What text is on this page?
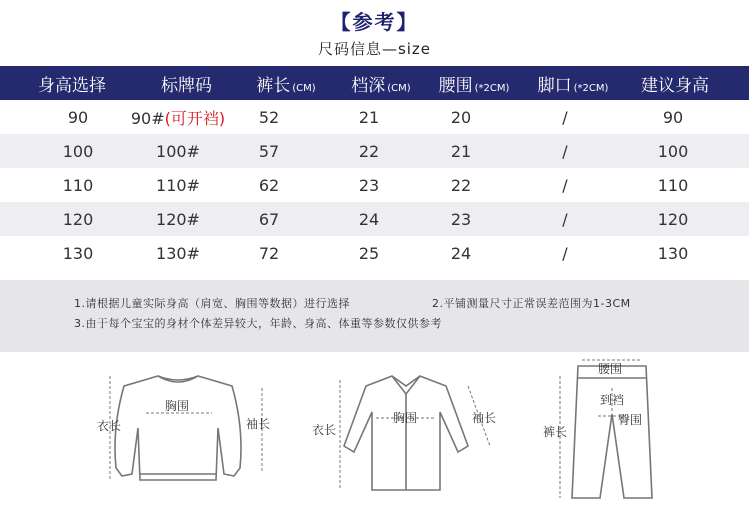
【参考】
尺码信息—size
身高选择	标牌码	裤长 (CM)	档深 (CM)	腰围 (*2CM)	脚口 (*2CM)	建议身高
90	90#(可开裆)	52	21	20	/	90
100	100#	57	22	21	/	100
110	110#	62	23	22	/	110
120	120#	67	24	23	/	120
130	130#	72	25	24	/	130
1.请根据儿童实际身高（肩宽、胸围等数据）进行选择	2.平铺测量尺寸正常误差范围为1-3CM
3.由于每个宝宝的身材个体差异较大，年龄、身高、体重等参数仅供参考
衣长
胸围
袖长	衣长
胸围	袖长
腰围
到裆
臀围
裤长
